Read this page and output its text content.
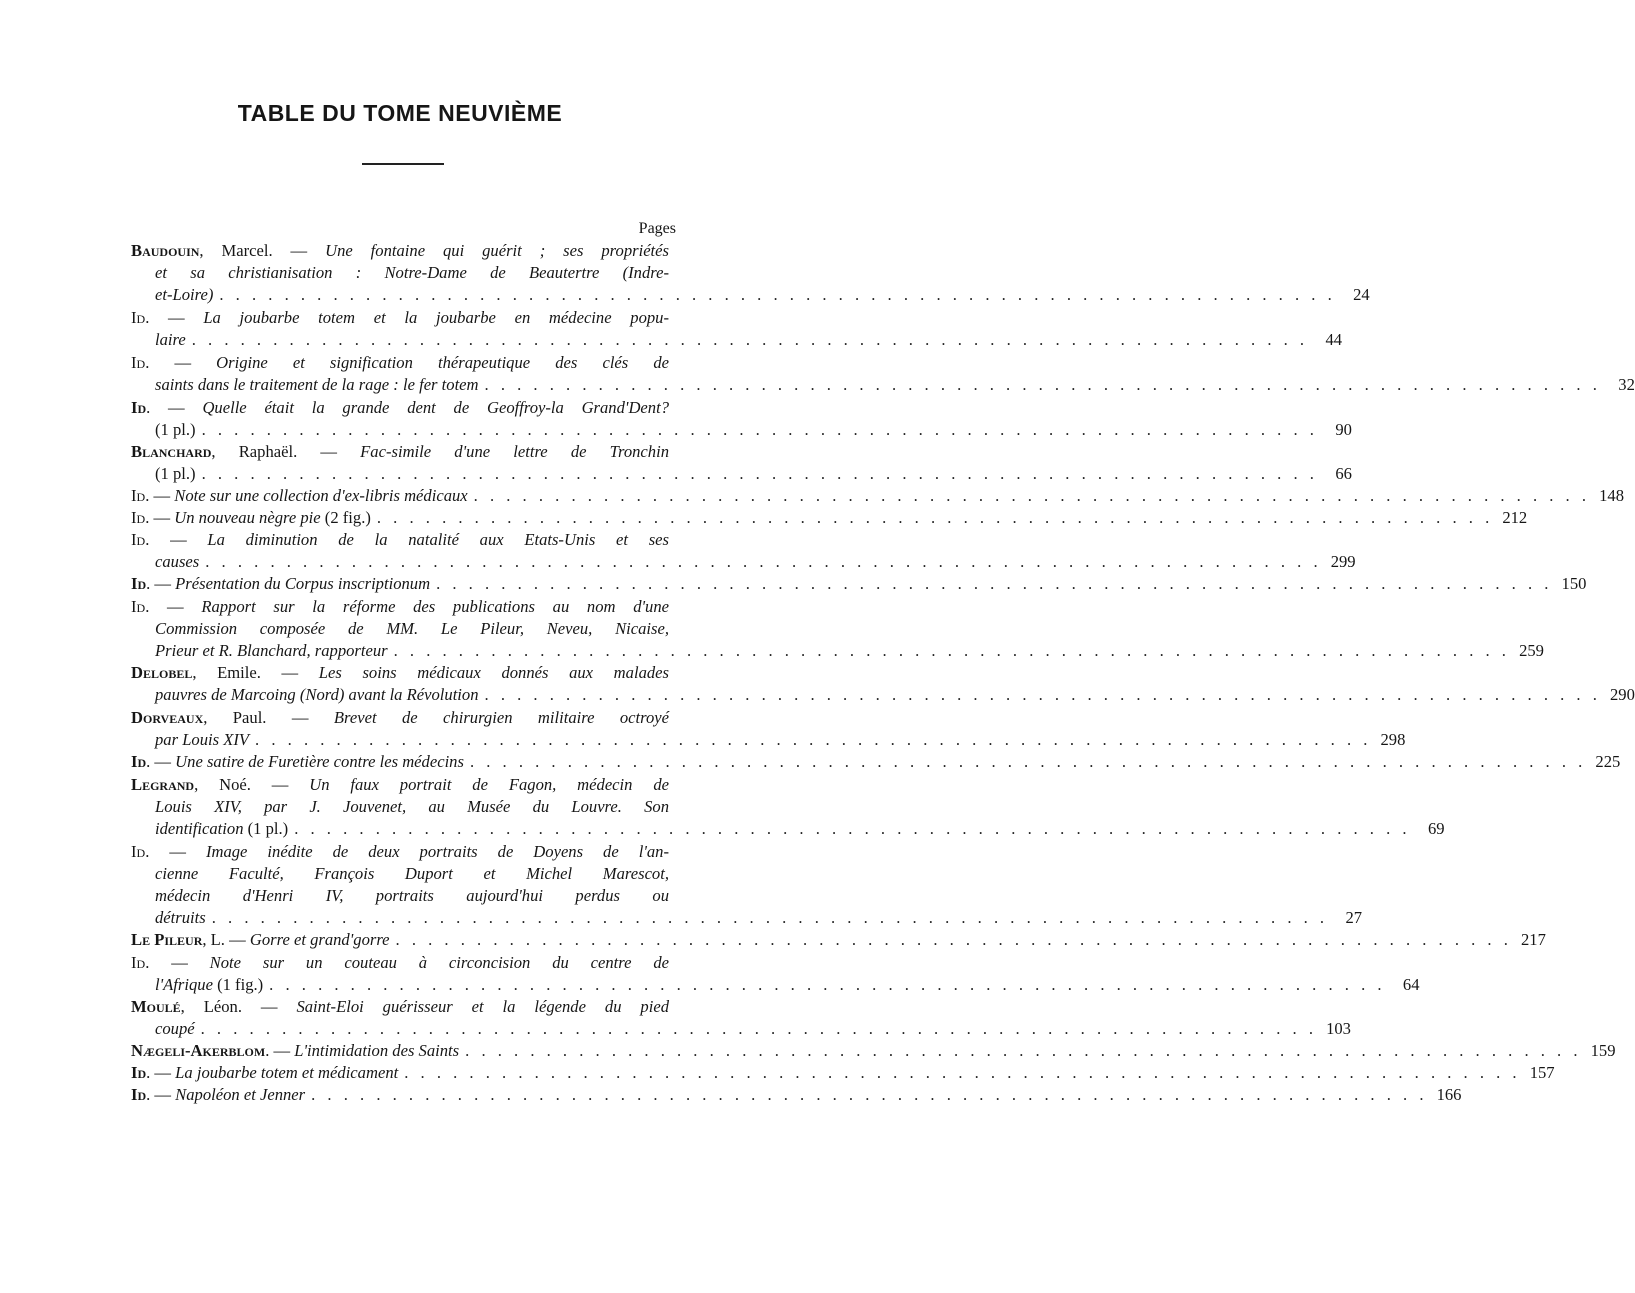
TABLE DU TOME NEUVIÈME
Pages
Baudouin, Marcel. — Une fontaine qui guérit ; ses propriétés
et sa christianisation : Notre-Dame de Beautertre (Indre-
et-Loire) . . .	24
Id. — La joubarbe totem et la joubarbe en médecine popu-
laire . . .	44
Id. — Origine et signification thérapeutique des clés de
saints dans le traitement de la rage : le fer totem . . .	32
Id. — Quelle était la grande dent de Geoffroy-la Grand'Dent?
(1 pl.) . . .	90
Blanchard, Raphaël. — Fac-simile d'une lettre de Tronchin
(1 pl.) . . .	66
Id. — Note sur une collection d'ex-libris médicaux . . .	148
Id. — Un nouveau nègre pie (2 fig.) . . .	212
Id. — La diminution de la natalité aux Etats-Unis et ses
causes . . .	299
Id. — Présentation du Corpus inscriptionum . . .	150
Id. — Rapport sur la réforme des publications au nom d'une
Commission composée de MM. Le Pileur, Neveu, Nicaise,
Prieur et R. Blanchard, rapporteur . . .	259
Delobel, Emile. — Les soins médicaux donnés aux malades
pauvres de Marcoing (Nord) avant la Révolution . . .	290
Dorveaux, Paul. — Brevet de chirurgien militaire octroyé
par Louis XIV . . .	298
Id. — Une satire de Furetière contre les médecins . . .	225
Legrand, Noé. — Un faux portrait de Fagon, médecin de
Louis XIV, par J. Jouvenet, au Musée du Louvre. Son
identification (1 pl.) . . .	69
Id. — Image inédite de deux portraits de Doyens de l'an-
cienne Faculté, François Duport et Michel Marescot,
médecin d'Henri IV, portraits aujourd'hui perdus ou
détruits . . .	27
Le Pileur, L. — Gorre et grand'gorre . . .	217
Id. — Note sur un couteau à circoncision du centre de
l'Afrique (1 fig.) . . .	64
Moulé, Léon. — Saint-Eloi guérisseur et la légende du pied
coupé . . .	103
Nægeli-Akerblom. — L'intimidation des Saints . . .	159
Id. — La joubarbe totem et médicament . . .	157
Id. — Napoléon et Jenner . . .	166
